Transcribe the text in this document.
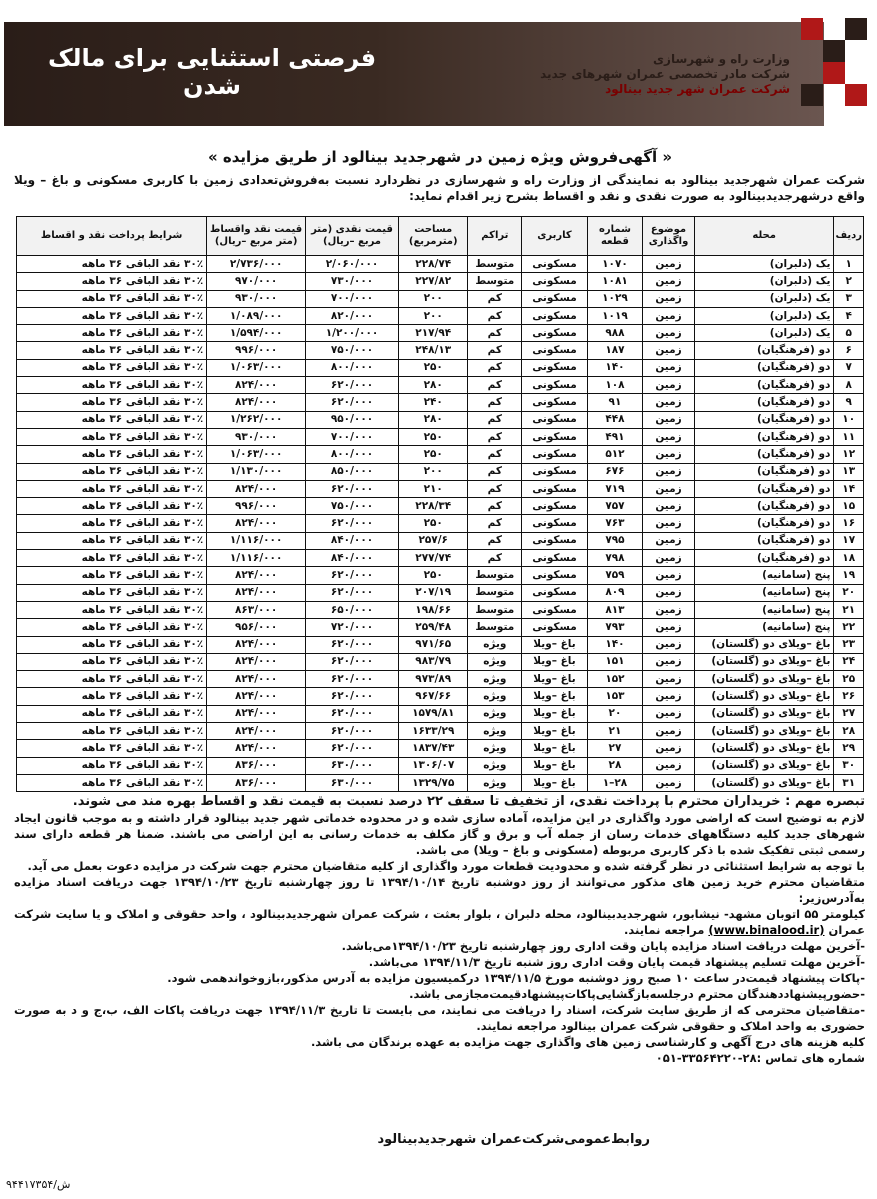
فرصتی استثنایی برای مالک شدن
وزارت راه و شهرسازی
شرکت مادر تخصصی عمران شهرهای جدید
شرکت عمران شهر جدید بینالود
« آگهی‌فروش ویژه زمین در شهرجدید بینالود از طریق مزایده »
شرکت عمران شهرجدید بینالود به نمایندگی از وزارت راه و شهرسازی در نظردارد نسبت به‌فروش‌تعدادی زمین با کاربری مسکونی و باغ – ویلا واقع درشهرجدیدبینالود به صورت نقدی و نقد و اقساط بشرح زیر اقدام نماید:
ردیف	محله	موضوع واگذاری	شماره قطعه	کاربری	تراکم	مساحت (مترمربع)	قیمت نقدی (متر مربع –ریال)	قیمت نقد واقساط (متر مربع –ریال)	شرایط پرداخت نقد و اقساط
۱	یک (دلبران)	زمین	۱۰۷۰	مسکونی	متوسط	۲۲۸/۷۴	۲/۰۶۰/۰۰۰	۲/۷۳۶/۰۰۰	۳۰٪ نقد الباقی ۳۶ ماهه
۲	یک (دلبران)	زمین	۱۰۸۱	مسکونی	متوسط	۲۲۷/۸۲	۷۳۰/۰۰۰	۹۷۰/۰۰۰	۳۰٪ نقد الباقی ۳۶ ماهه
۳	یک (دلبران)	زمین	۱۰۲۹	مسکونی	کم	۲۰۰	۷۰۰/۰۰۰	۹۳۰/۰۰۰	۳۰٪ نقد الباقی ۳۶ ماهه
۴	یک (دلبران)	زمین	۱۰۱۹	مسکونی	کم	۲۰۰	۸۲۰/۰۰۰	۱/۰۸۹/۰۰۰	۳۰٪ نقد الباقی ۳۶ ماهه
۵	یک (دلبران)	زمین	۹۸۸	مسکونی	کم	۲۱۷/۹۴	۱/۲۰۰/۰۰۰	۱/۵۹۴/۰۰۰	۳۰٪ نقد الباقی ۳۶ ماهه
۶	دو (فرهنگیان)	زمین	۱۸۷	مسکونی	کم	۲۴۸/۱۳	۷۵۰/۰۰۰	۹۹۶/۰۰۰	۳۰٪ نقد الباقی ۳۶ ماهه
۷	دو (فرهنگیان)	زمین	۱۴۰	مسکونی	کم	۲۵۰	۸۰۰/۰۰۰	۱/۰۶۳/۰۰۰	۳۰٪ نقد الباقی ۳۶ ماهه
۸	دو (فرهنگیان)	زمین	۱۰۸	مسکونی	کم	۲۸۰	۶۲۰/۰۰۰	۸۲۴/۰۰۰	۳۰٪ نقد الباقی ۳۶ ماهه
۹	دو (فرهنگیان)	زمین	۹۱	مسکونی	کم	۲۴۰	۶۲۰/۰۰۰	۸۲۴/۰۰۰	۳۰٪ نقد الباقی ۳۶ ماهه
۱۰	دو (فرهنگیان)	زمین	۴۴۸	مسکونی	کم	۲۸۰	۹۵۰/۰۰۰	۱/۲۶۲/۰۰۰	۳۰٪ نقد الباقی ۳۶ ماهه
۱۱	دو (فرهنگیان)	زمین	۴۹۱	مسکونی	کم	۲۵۰	۷۰۰/۰۰۰	۹۳۰/۰۰۰	۳۰٪ نقد الباقی ۳۶ ماهه
۱۲	دو (فرهنگیان)	زمین	۵۱۲	مسکونی	کم	۲۵۰	۸۰۰/۰۰۰	۱/۰۶۳/۰۰۰	۳۰٪ نقد الباقی ۳۶ ماهه
۱۳	دو (فرهنگیان)	زمین	۶۷۶	مسکونی	کم	۲۰۰	۸۵۰/۰۰۰	۱/۱۳۰/۰۰۰	۳۰٪ نقد الباقی ۳۶ ماهه
۱۴	دو (فرهنگیان)	زمین	۷۱۹	مسکونی	کم	۲۱۰	۶۲۰/۰۰۰	۸۲۴/۰۰۰	۳۰٪ نقد الباقی ۳۶ ماهه
۱۵	دو (فرهنگیان)	زمین	۷۵۷	مسکونی	کم	۲۲۸/۳۴	۷۵۰/۰۰۰	۹۹۶/۰۰۰	۳۰٪ نقد الباقی ۳۶ ماهه
۱۶	دو (فرهنگیان)	زمین	۷۶۳	مسکونی	کم	۲۵۰	۶۲۰/۰۰۰	۸۲۴/۰۰۰	۳۰٪ نقد الباقی ۳۶ ماهه
۱۷	دو (فرهنگیان)	زمین	۷۹۵	مسکونی	کم	۲۵۷/۶	۸۴۰/۰۰۰	۱/۱۱۶/۰۰۰	۳۰٪ نقد الباقی ۳۶ ماهه
۱۸	دو (فرهنگیان)	زمین	۷۹۸	مسکونی	کم	۲۷۷/۷۴	۸۴۰/۰۰۰	۱/۱۱۶/۰۰۰	۳۰٪ نقد الباقی ۳۶ ماهه
۱۹	پنج (سامانیه)	زمین	۷۵۹	مسکونی	متوسط	۲۵۰	۶۲۰/۰۰۰	۸۲۴/۰۰۰	۳۰٪ نقد الباقی ۳۶ ماهه
۲۰	پنج (سامانیه)	زمین	۸۰۹	مسکونی	متوسط	۲۰۷/۱۹	۶۲۰/۰۰۰	۸۲۴/۰۰۰	۳۰٪ نقد الباقی ۳۶ ماهه
۲۱	پنج (سامانیه)	زمین	۸۱۳	مسکونی	متوسط	۱۹۸/۶۶	۶۵۰/۰۰۰	۸۶۳/۰۰۰	۳۰٪ نقد الباقی ۳۶ ماهه
۲۲	پنج (سامانیه)	زمین	۷۹۳	مسکونی	متوسط	۲۵۹/۴۸	۷۲۰/۰۰۰	۹۵۶/۰۰۰	۳۰٪ نقد الباقی ۳۶ ماهه
۲۳	باغ –ویلای دو (گلستان)	زمین	۱۴۰	باغ –ویلا	ویژه	۹۷۱/۶۵	۶۲۰/۰۰۰	۸۲۴/۰۰۰	۳۰٪ نقد الباقی ۳۶ ماهه
۲۴	باغ –ویلای دو (گلستان)	زمین	۱۵۱	باغ –ویلا	ویژه	۹۸۳/۷۹	۶۲۰/۰۰۰	۸۲۴/۰۰۰	۳۰٪ نقد الباقی ۳۶ ماهه
۲۵	باغ –ویلای دو (گلستان)	زمین	۱۵۲	باغ –ویلا	ویژه	۹۷۳/۸۹	۶۲۰/۰۰۰	۸۲۴/۰۰۰	۳۰٪ نقد الباقی ۳۶ ماهه
۲۶	باغ –ویلای دو (گلستان)	زمین	۱۵۳	باغ –ویلا	ویژه	۹۶۷/۶۶	۶۲۰/۰۰۰	۸۲۴/۰۰۰	۳۰٪ نقد الباقی ۳۶ ماهه
۲۷	باغ –ویلای دو (گلستان)	زمین	۲۰	باغ –ویلا	ویژه	۱۵۷۹/۸۱	۶۲۰/۰۰۰	۸۲۴/۰۰۰	۳۰٪ نقد الباقی ۳۶ ماهه
۲۸	باغ –ویلای دو (گلستان)	زمین	۲۱	باغ –ویلا	ویژه	۱۶۳۳/۲۹	۶۲۰/۰۰۰	۸۲۴/۰۰۰	۳۰٪ نقد الباقی ۳۶ ماهه
۲۹	باغ –ویلای دو (گلستان)	زمین	۲۷	باغ –ویلا	ویژه	۱۸۳۷/۴۳	۶۲۰/۰۰۰	۸۲۴/۰۰۰	۳۰٪ نقد الباقی ۳۶ ماهه
۳۰	باغ –ویلای دو (گلستان)	زمین	۲۸	باغ –ویلا	ویژه	۱۳۰۶/۰۷	۶۳۰/۰۰۰	۸۳۶/۰۰۰	۳۰٪ نقد الباقی ۳۶ ماهه
۳۱	باغ –ویلای دو (گلستان)	زمین	۲۸–۱	باغ –ویلا	ویژه	۱۳۲۹/۷۵	۶۳۰/۰۰۰	۸۳۶/۰۰۰	۳۰٪ نقد الباقی ۳۶ ماهه

تبصره مهم : خریداران محترم با پرداخت نقدی، از تخفیف تا سقف ۲۲ درصد نسبت به قیمت نقد و اقساط بهره مند می شوند.

لازم به توضیح است که اراضی مورد واگذاری در این مزایده، آماده سازی شده و در محدوده خدماتی شهر جدید بینالود قرار داشته و به موجب قانون ایجاد شهرهای جدید کلیه دستگاههای خدمات رسان از جمله آب و برق و گاز مکلف به خدمات رسانی به این اراضی می باشند. ضمنا هر قطعه دارای سند رسمی ثبتی تفکیک شده با ذکر کاربری مربوطه (مسکونی و باغ – ویلا) می باشد.

با توجه به شرایط استثنائی در نظر گرفته شده و محدودیت قطعات مورد واگذاری از کلیه متقاضیان محترم جهت شرکت در مزایده دعوت بعمل می آید.

متقاضیان محترم خرید زمین های مذکور می‌توانند از روز دوشنبه تاریخ ۱۳۹۴/۱۰/۱۴ تا روز چهارشنبه تاریخ ۱۳۹۴/۱۰/۲۳ جهت دریافت اسناد مزایده به‌آدرس‌زیر:

کیلومتر ۵۵ اتوبان مشهد- نیشابور، شهرجدیدبینالود، محله دلبران ، بلوار بعثت ، شرکت عمران شهرجدیدبینالود ، واحد حقوقی و املاک و یا سایت شرکت عمران (www.binalood.ir) مراجعه نمایند.

-آخرین مهلت دریافت اسناد مزایده پایان وقت اداری روز چهارشنبه تاریخ ۱۳۹۴/۱۰/۲۳می‌باشد.

-آخرین مهلت تسلیم پیشنهاد قیمت پایان وقت اداری روز شنبه تاریخ ۱۳۹۴/۱۱/۳ می‌باشد.

-پاکات پیشنهاد قیمت‌در ساعت ۱۰ صبح روز دوشنبه مورخ ۱۳۹۴/۱۱/۵ درکمیسیون مزایده به آدرس مذکور،بازوخواندهمی شود.

-حضورپیشنهاددهندگان محترم درجلسه‌بازگشایی‌پاکات‌پیشنهادقیمت‌مجازمی باشد.

-متقاضیان محترمی که از طریق سایت شرکت، اسناد را دریافت می نمایند، می بایست تا تاریخ ۱۳۹۴/۱۱/۳ جهت دریافت پاکات الف، ب،ج و د به صورت حضوری به واحد املاک و حقوقی شرکت عمران بینالود مراجعه نمایند.

کلیه هزینه های درج آگهی و کارشناسی زمین های واگذاری جهت مزایده به عهده برندگان می باشد.

شماره های تماس :۲۸-۳۳۵۶۴۲۲۰-۰۵۱

روابط‌عمومی‌شرکت‌عمران شهرجدیدبینالود
۹۴۴۱۷۳۵۴/ش
